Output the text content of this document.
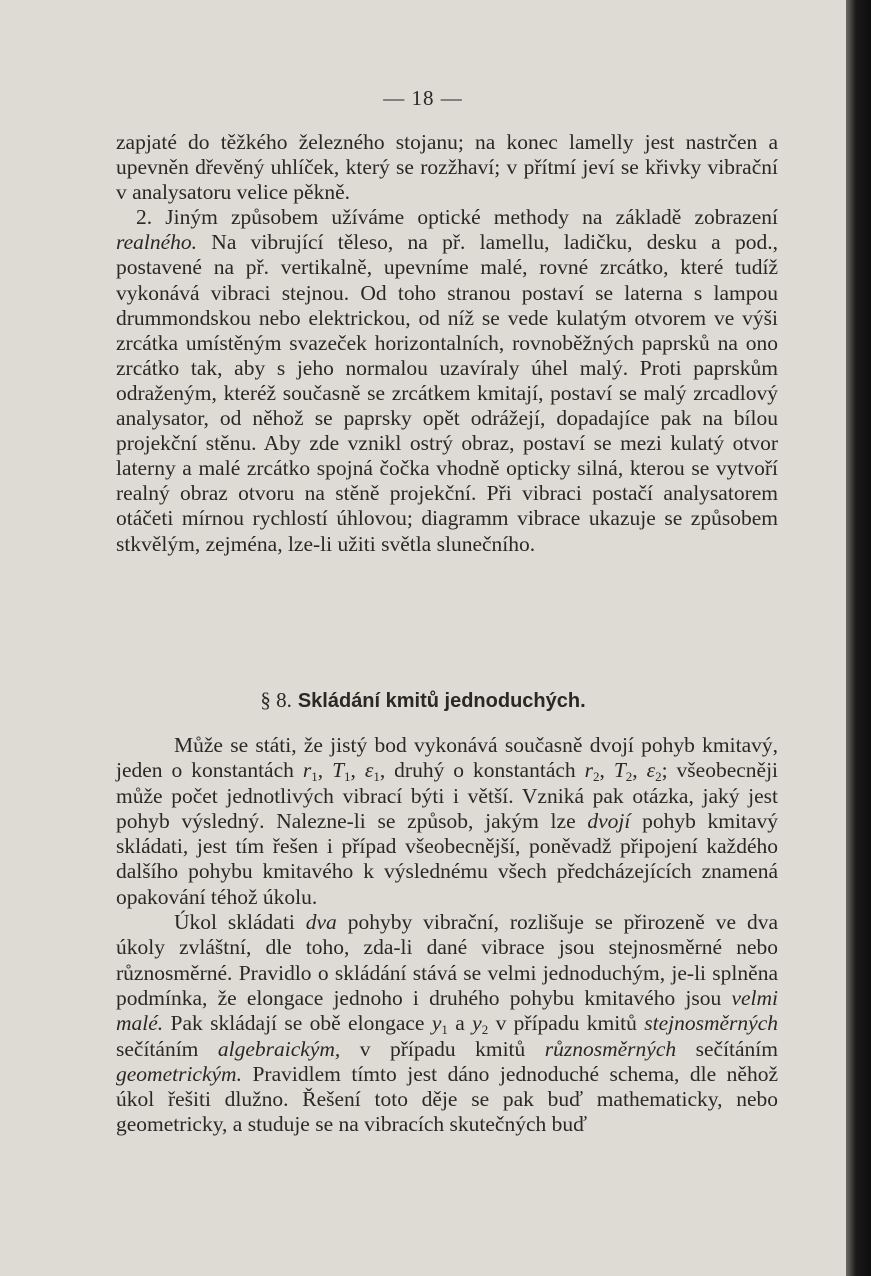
— 18 —

zapjaté do těžkého železného stojanu; na konec lamelly jest nastrčen a upevněn dřevěný uhlíček, který se rozžhaví; v přítmí jeví se křivky vibrační v analysatoru velice pěkně.

2. Jiným způsobem užíváme optické methody na základě zobrazení realného. Na vibrující těleso, na př. lamellu, ladičku, desku a pod., postavené na př. vertikalně, upevníme malé, rovné zrcátko, které tudíž vykonává vibraci stejnou. Od toho stranou postaví se laterna s lampou drummondskou nebo elektrickou, od níž se vede kulatým otvorem ve výši zrcátka umístěným svazeček horizontalních, rovnoběžných paprsků na ono zrcátko tak, aby s jeho normalou uzavíraly úhel malý. Proti paprskům odraženým, kteréž současně se zrcátkem kmitají, postaví se malý zrcadlový analysator, od něhož se paprsky opět odrážejí, dopadajíce pak na bílou projekční stěnu. Aby zde vznikl ostrý obraz, postaví se mezi kulatý otvor laterny a malé zrcátko spojná čočka vhodně opticky silná, kterou se vytvoří realný obraz otvoru na stěně projekční. Při vibraci postačí analysatorem otáčeti mírnou rychlostí úhlovou; diagramm vibrace ukazuje se způsobem stkvělým, zejména, lze-li užiti světla slunečního.

§ 8. Skládání kmitů jednoduchých.

Může se státi, že jistý bod vykonává současně dvojí pohyb kmitavý, jeden o konstantách $r_1$, $T_1$, $\varepsilon_1$, druhý o konstantách $r_2$, $T_2$, $\varepsilon_2$; všeobecněji může počet jednotlivých vibrací býti i větší. Vzniká pak otázka, jaký jest pohyb výsledný. Nalezne-li se způsob, jakým lze dvojí pohyb kmitavý skládati, jest tím řešen i případ všeobecnější, poněvadž připojení každého dalšího pohybu kmitavého k výslednému všech předcházejících znamená opakování téhož úkolu.

Úkol skládati dva pohyby vibrační, rozlišuje se přirozeně ve dva úkoly zvláštní, dle toho, zda-li dané vibrace jsou stejnosměrné nebo různosměrné. Pravidlo o skládání stává se velmi jednoduchým, je-li splněna podmínka, že elongace jednoho i druhého pohybu kmitavého jsou velmi malé. Pak skládají se obě elongace $y_1$ a $y_2$ v případu kmitů stejnosměrných sečítáním algebraickým, v případu kmitů různosměrných sečítáním geometrickým. Pravidlem tímto jest dáno jednoduché schema, dle něhož úkol řešiti dlužno. Řešení toto děje se pak buď mathematicky, nebo geometricky, a studuje se na vibracích skutečných buď
